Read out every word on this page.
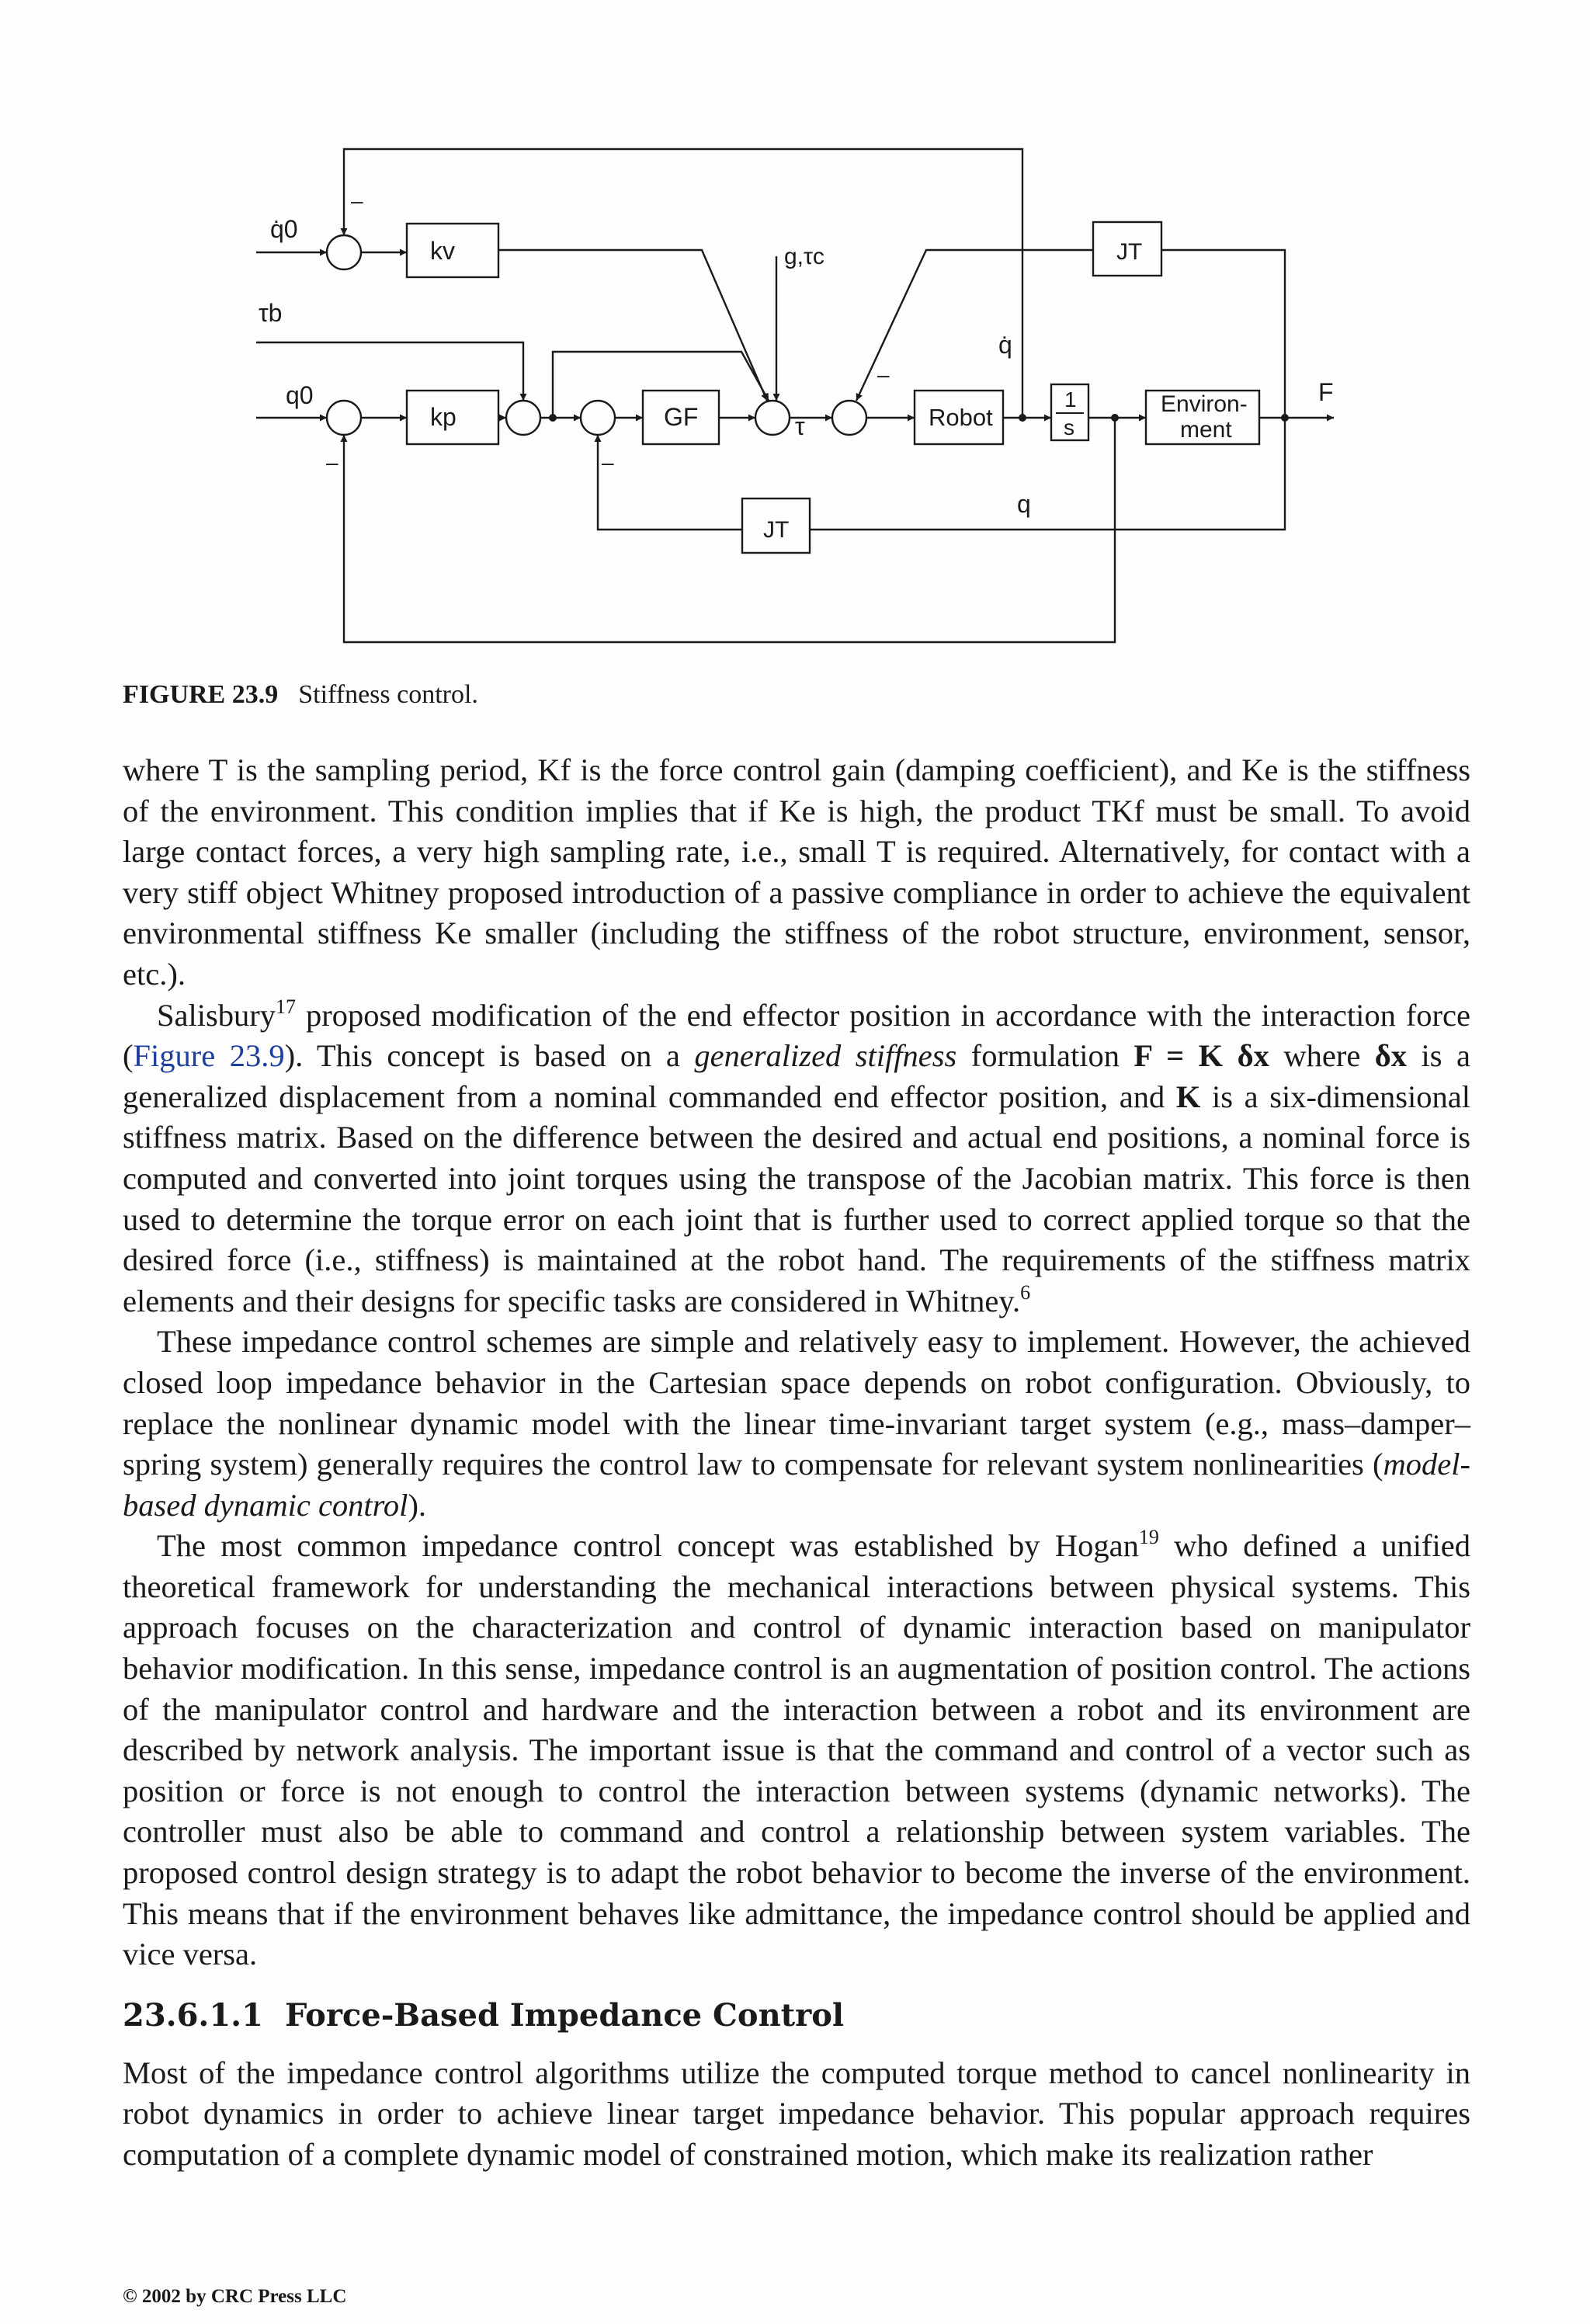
kv
kp	GF	Robot
1
s
Environ-
ment
JT
JT
q̇0
τb
q0
g,τc
q̇
τ
q
F
–
–	–
–
FIGURE 23.9 Stiffness control.

where T is the sampling period, Kf is the force control gain (damping coefficient), and Ke is the stiffness of the environment. This condition implies that if Ke is high, the product TKf must be small. To avoid large contact forces, a very high sampling rate, i.e., small T is required. Alternatively, for contact with a very stiff object Whitney proposed introduction of a passive compliance in order to achieve the equivalent environmental stiffness Ke smaller (including the stiffness of the robot structure, environment, sensor, etc.).

Salisbury$^{17}$ proposed modification of the end effector position in accordance with the interaction force (Figure 23.9). This concept is based on a generalized stiffness formulation F = K δx where δx is a generalized displacement from a nominal commanded end effector position, and K is a six-dimensional stiffness matrix. Based on the difference between the desired and actual end positions, a nominal force is computed and converted into joint torques using the transpose of the Jacobian matrix. This force is then used to determine the torque error on each joint that is further used to correct applied torque so that the desired force (i.e., stiffness) is maintained at the robot hand. The requirements of the stiffness matrix elements and their designs for specific tasks are considered in Whitney.$^6$

These impedance control schemes are simple and relatively easy to implement. However, the achieved closed loop impedance behavior in the Cartesian space depends on robot configuration. Obviously, to replace the nonlinear dynamic model with the linear time-invariant target system (e.g., mass–damper–spring system) generally requires the control law to compensate for relevant system nonlinearities (model-based dynamic control).

The most common impedance control concept was established by Hogan$^{19}$ who defined a unified theoretical framework for understanding the mechanical interactions between physical systems. This approach focuses on the characterization and control of dynamic interaction based on manipulator behavior modification. In this sense, impedance control is an augmentation of position control. The actions of the manipulator control and hardware and the interaction between a robot and its environment are described by network analysis. The important issue is that the command and control of a vector such as position or force is not enough to control the interaction between systems (dynamic networks). The controller must also be able to command and control a relationship between system variables. The proposed control design strategy is to adapt the robot behavior to become the inverse of the environment. This means that if the environment behaves like admittance, the impedance control should be applied and vice versa.

23.6.1.1 Force-Based Impedance Control

Most of the impedance control algorithms utilize the computed torque method to cancel nonlinearity in robot dynamics in order to achieve linear target impedance behavior. This popular approach requires computation of a complete dynamic model of constrained motion, which make its realization rather

© 2002 by CRC Press LLC
